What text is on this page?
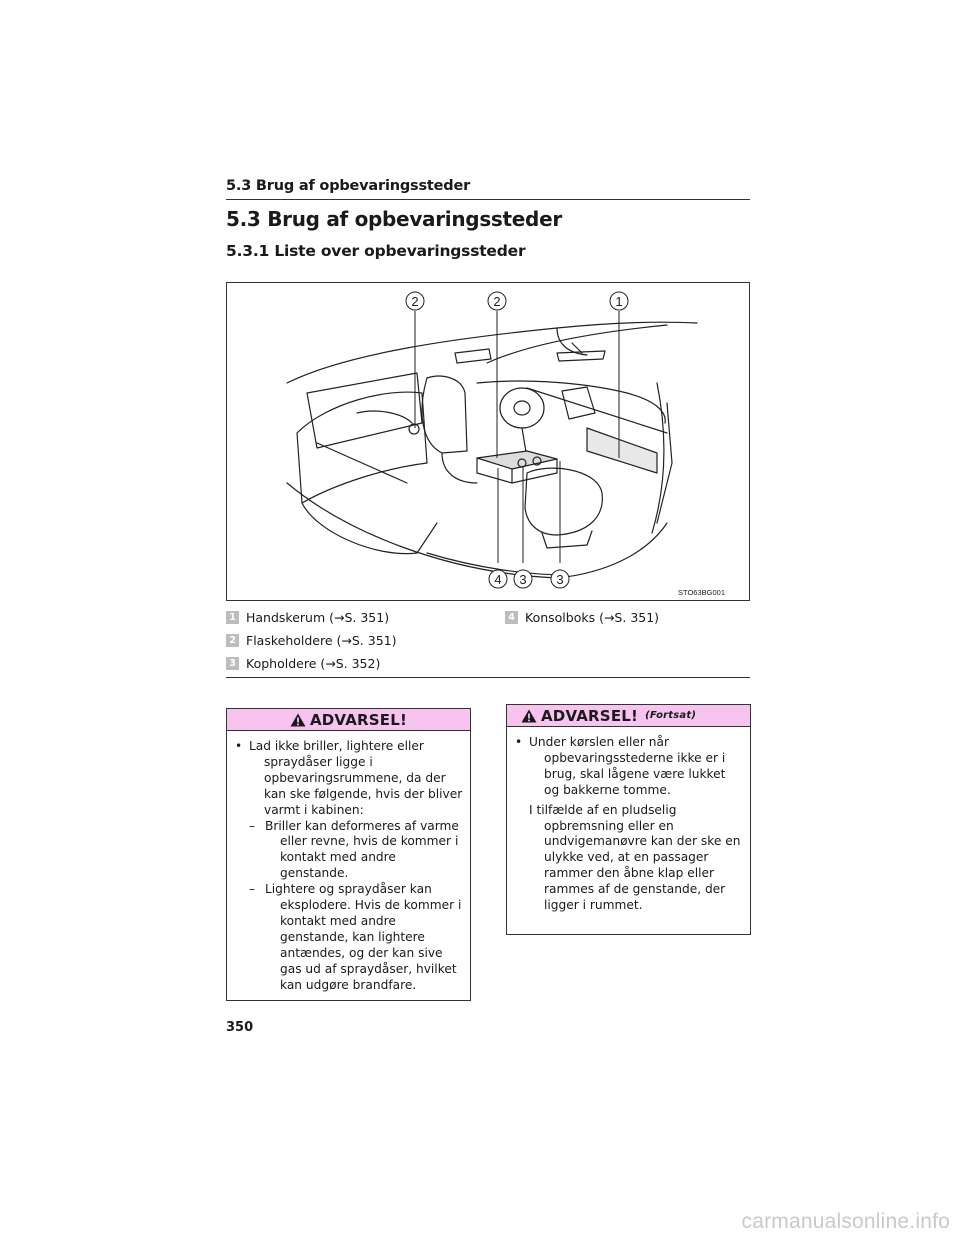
5.3 Brug af opbevaringssteder
5.3 Brug af opbevaringssteder
5.3.1 Liste over opbevaringssteder
2	2	1
4 3 3
STO63BG001
1 Handskerum (→S. 351)
2 Flaskeholdere (→S. 351)
3 Kopholdere (→S. 352)
4 Konsolboks (→S. 351)
ADVARSEL!
• Lad ikke briller, lightere eller spraydåser ligge i opbevaringsrummene, da der kan ske følgende, hvis der bliver varmt i kabinen:
– Briller kan deformeres af varme eller revne, hvis de kommer i kontakt med andre genstande.
– Lightere og spraydåser kan eksplodere. Hvis de kommer i kontakt med andre genstande, kan lightere antændes, og der kan sive gas ud af spraydåser, hvilket kan udgøre brandfare.
ADVARSEL! (Fortsat)
• Under kørslen eller når opbevaringsstederne ikke er i brug, skal lågene være lukket og bakkerne tomme.
I tilfælde af en pludselig opbremsning eller en undvigemanøvre kan der ske en ulykke ved, at en passager rammer den åbne klap eller rammes af de genstande, der ligger i rummet.
350
carmanualsonline.info
